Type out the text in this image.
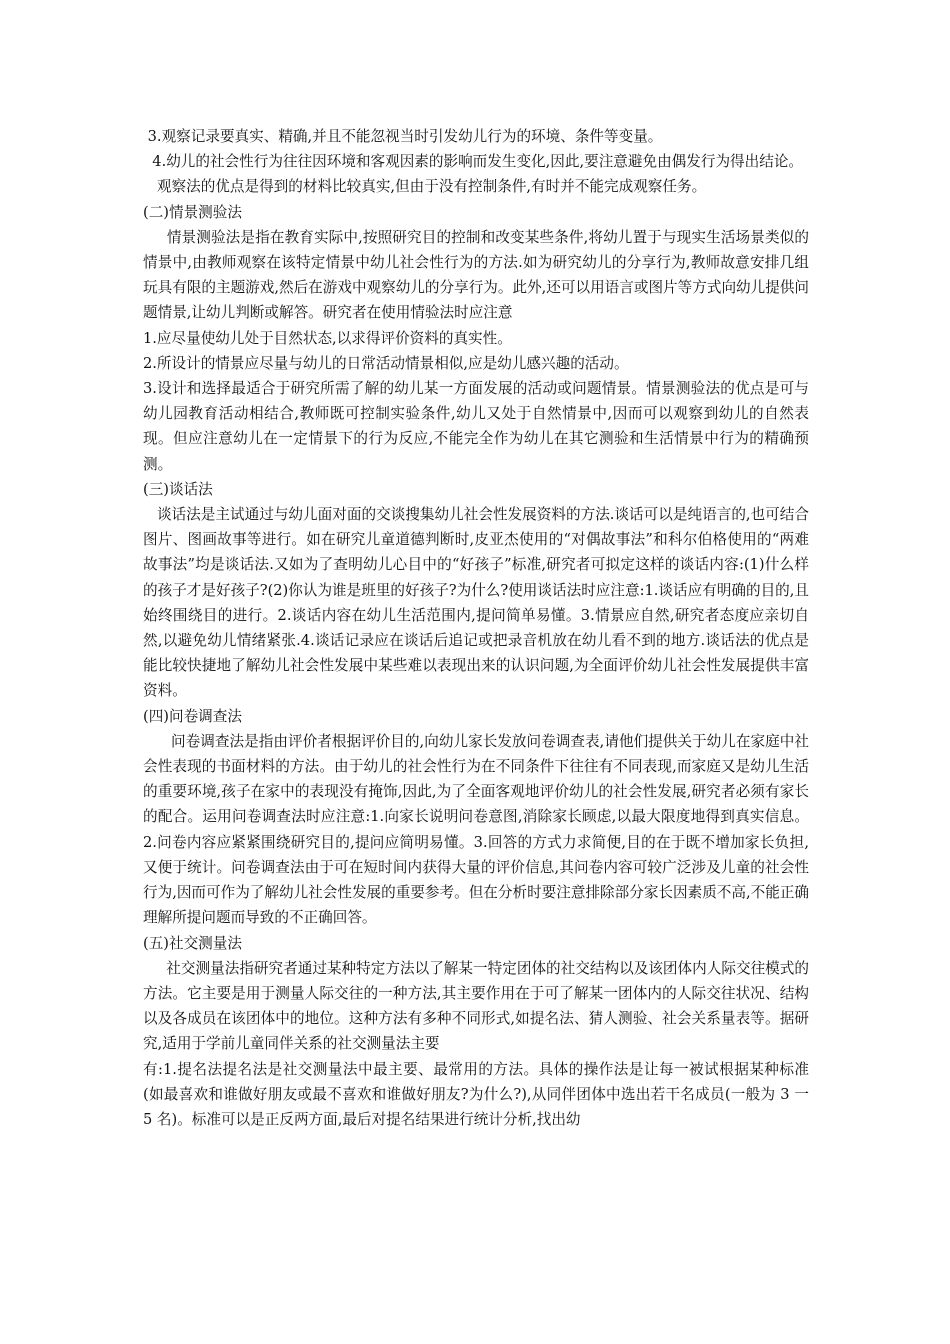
3.观察记录要真实、精确,并且不能忽视当时引发幼儿行为的环境、条件等变量。

4.幼儿的社会性行为往往因环境和客观因素的影响而发生变化,因此,要注意避免由偶发行为得出结论。

观察法的优点是得到的材料比较真实,但由于没有控制条件,有时并不能完成观察任务。

(二)情景测验法

情景测验法是指在教育实际中,按照研究目的控制和改变某些条件,将幼儿置于与现实生活场景类似的情景中,由教师观察在该特定情景中幼儿社会性行为的方法.如为研究幼儿的分享行为,教师故意安排几组玩具有限的主题游戏,然后在游戏中观察幼儿的分享行为。此外,还可以用语言或图片等方式向幼儿提供问题情景,让幼儿判断或解答。研究者在使用情验法时应注意

1.应尽量使幼儿处于目然状态,以求得评价资料的真实性。

2.所设计的情景应尽量与幼儿的日常活动情景相似,应是幼儿感兴趣的活动。

3.设计和选择最适合于研究所需了解的幼儿某一方面发展的活动或问题情景。情景测验法的优点是可与幼儿园教育活动相结合,教师既可控制实验条件,幼儿又处于自然情景中,因而可以观察到幼儿的自然表现。但应注意幼儿在一定情景下的行为反应,不能完全作为幼儿在其它测验和生活情景中行为的精确预测。

(三)谈话法

谈话法是主试通过与幼儿面对面的交谈搜集幼儿社会性发展资料的方法.谈话可以是纯语言的,也可结合图片、图画故事等进行。如在研究儿童道德判断时,皮亚杰使用的“对偶故事法”和科尔伯格使用的“两难故事法”均是谈话法.又如为了查明幼儿心目中的“好孩子”标准,研究者可拟定这样的谈话内容:(1)什么样的孩子才是好孩子?(2)你认为谁是班里的好孩子?为什么?使用谈话法时应注意:1.谈话应有明确的目的,且始终围绕目的进行。2.谈话内容在幼儿生活范围内,提问简单易懂。3.情景应自然,研究者态度应亲切自然,以避免幼儿情绪紧张.4.谈话记录应在谈话后追记或把录音机放在幼儿看不到的地方.谈话法的优点是能比较快捷地了解幼儿社会性发展中某些难以表现出来的认识问题,为全面评价幼儿社会性发展提供丰富资料。

(四)问卷调查法

问卷调查法是指由评价者根据评价目的,向幼儿家长发放问卷调查表,请他们提供关于幼儿在家庭中社会性表现的书面材料的方法。由于幼儿的社会性行为在不同条件下往往有不同表现,而家庭又是幼儿生活的重要环境,孩子在家中的表现没有掩饰,因此,为了全面客观地评价幼儿的社会性发展,研究者必须有家长的配合。运用问卷调查法时应注意:1.向家长说明问卷意图,消除家长顾虑,以最大限度地得到真实信息。2.问卷内容应紧紧围绕研究目的,提问应简明易懂。3.回答的方式力求简便,目的在于既不增加家长负担,又便于统计。问卷调查法由于可在短时间内获得大量的评价信息,其问卷内容可较广泛涉及儿童的社会性行为,因而可作为了解幼儿社会性发展的重要参考。但在分析时要注意排除部分家长因素质不高,不能正确理解所提问题而导致的不正确回答。

(五)社交测量法

社交测量法指研究者通过某种特定方法以了解某一特定团体的社交结构以及该团体内人际交往模式的方法。它主要是用于测量人际交往的一种方法,其主要作用在于可了解某一团体内的人际交往状况、结构以及各成员在该团体中的地位。这种方法有多种不同形式,如提名法、猜人测验、社会关系量表等。据研究,适用于学前儿童同伴关系的社交测量法主要

有:1.提名法提名法是社交测量法中最主要、最常用的方法。具体的操作法是让每一被试根据某种标准(如最喜欢和谁做好朋友或最不喜欢和谁做好朋友?为什么?),从同伴团体中选出若干名成员(一般为 3 一 5 名)。标准可以是正反两方面,最后对提名结果进行统计分析,找出幼
